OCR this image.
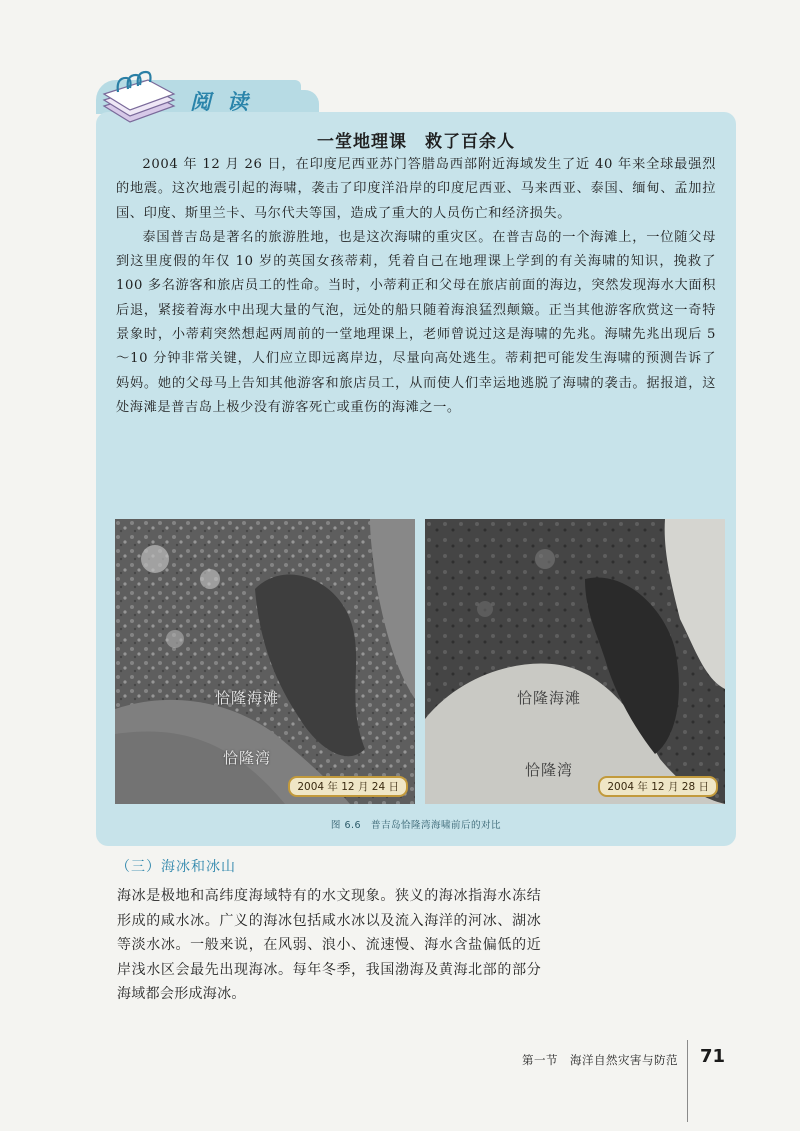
阅读
一堂地理课　救了百余人

2004 年 12 月 26 日，在印度尼西亚苏门答腊岛西部附近海域发生了近 40 年来全球最强烈的地震。这次地震引起的海啸，袭击了印度洋沿岸的印度尼西亚、马来西亚、泰国、缅甸、孟加拉国、印度、斯里兰卡、马尔代夫等国，造成了重大的人员伤亡和经济损失。

泰国普吉岛是著名的旅游胜地，也是这次海啸的重灾区。在普吉岛的一个海滩上，一位随父母到这里度假的年仅 10 岁的英国女孩蒂莉，凭着自己在地理课上学到的有关海啸的知识，挽救了 100 多名游客和旅店员工的性命。当时，小蒂莉正和父母在旅店前面的海边，突然发现海水大面积后退，紧接着海水中出现大量的气泡，远处的船只随着海浪猛烈颠簸。正当其他游客欣赏这一奇特景象时，小蒂莉突然想起两周前的一堂地理课上，老师曾说过这是海啸的先兆。海啸先兆出现后 5～10 分钟非常关键，人们应立即远离岸边，尽量向高处逃生。蒂莉把可能发生海啸的预测告诉了妈妈。她的父母马上告知其他游客和旅店员工，从而使人们幸运地逃脱了海啸的袭击。据报道，这处海滩是普吉岛上极少没有游客死亡或重伤的海滩之一。

恰隆海滩
恰隆湾
2004 年 12 月 24 日
恰隆海滩
恰隆湾
2004 年 12 月 28 日
图 6.6　普吉岛恰隆湾海啸前后的对比
（三）海冰和冰山

海冰是极地和高纬度海域特有的水文现象。狭义的海冰指海水冻结形成的咸水冰。广义的海冰包括咸水冰以及流入海洋的河冰、湖冰等淡水冰。一般来说，在风弱、浪小、流速慢、海水含盐偏低的近岸浅水区会最先出现海冰。每年冬季，我国渤海及黄海北部的部分海域都会形成海冰。

第一节　海洋自然灾害与防范 71
